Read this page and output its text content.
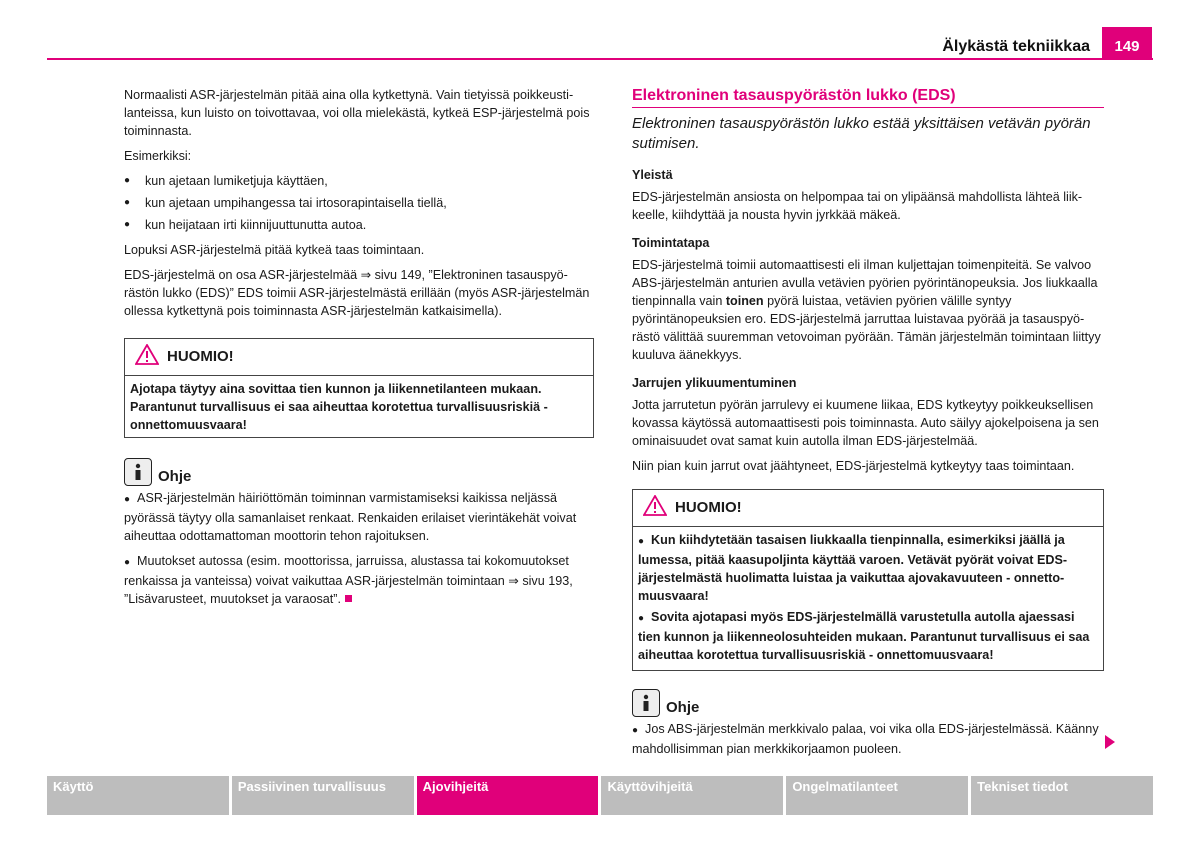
Älykästä tekniikkaa	149

Normaalisti ASR-järjestelmän pitää aina olla kytkettynä. Vain tietyissä poikkeusti-lanteissa, kun luisto on toivottavaa, voi olla mielekästä, kytkeä ESP-järjestelmä pois toiminnasta.

Esimerkiksi:

● kun ajetaan lumiketjuja käyttäen,
● kun ajetaan umpihangessa tai irtosorapintaisella tiellä,
● kun heijataan irti kiinnijuuttunutta autoa.

Lopuksi ASR-järjestelmä pitää kytkeä taas toimintaan.

EDS-järjestelmä on osa ASR-järjestelmää ⇒ sivu 149, ”Elektroninen tasauspyö-rästön lukko (EDS)” EDS toimii ASR-järjestelmästä erillään (myös ASR-järjestelmän ollessa kytkettynä pois toiminnasta ASR-järjestelmän katkaisimella).

HUOMIO!
Ajotapa täytyy aina sovittaa tien kunnon ja liikennetilanteen mukaan. Parantunut turvallisuus ei saa aiheuttaa korotettua turvallisuusriskiä - onnettomuusvaara!
Ohje

● ASR-järjestelmän häiriöttömän toiminnan varmistamiseksi kaikissa neljässä pyörässä täytyy olla samanlaiset renkaat. Renkaiden erilaiset vierintäkehät voivat aiheuttaa odottamattoman moottorin tehon rajoituksen.

● Muutokset autossa (esim. moottorissa, jarruissa, alustassa tai kokomuutokset renkaissa ja vanteissa) voivat vaikuttaa ASR-järjestelmän toimintaan ⇒ sivu 193, ”Lisävarusteet, muutokset ja varaosat”.

Elektroninen tasauspyörästön lukko (EDS)
Elektroninen tasauspyörästön lukko estää yksittäisen vetävän pyörän sutimisen.
Yleistä

EDS-järjestelmän ansiosta on helpompaa tai on ylipäänsä mahdollista lähteä liik-keelle, kiihdyttää ja nousta hyvin jyrkkää mäkeä.

Toimintatapa

EDS-järjestelmä toimii automaattisesti eli ilman kuljettajan toimenpiteitä. Se valvoo ABS-järjestelmän anturien avulla vetävien pyörien pyörintänopeuksia. Jos liukkaalla tienpinnalla vain toinen pyörä luistaa, vetävien pyörien välille syntyy pyörintänopeuksien ero. EDS-järjestelmä jarruttaa luistavaa pyörää ja tasauspyö-rästö välittää suuremman vetovoiman pyörään. Tämän järjestelmän toimintaan liittyy kuuluva äänekkyys.

Jarrujen ylikuumentuminen

Jotta jarrutetun pyörän jarrulevy ei kuumene liikaa, EDS kytkeytyy poikkeuksellisen kovassa käytössä automaattisesti pois toiminnasta. Auto säilyy ajokelpoisena ja sen ominaisuudet ovat samat kuin autolla ilman EDS-järjestelmää.

Niin pian kuin jarrut ovat jäähtyneet, EDS-järjestelmä kytkeytyy taas toimintaan.

HUOMIO!

● Kun kiihdytetään tasaisen liukkaalla tienpinnalla, esimerkiksi jäällä ja lumessa, pitää kaasupoljinta käyttää varoen. Vetävät pyörät voivat EDS-järjestelmästä huolimatta luistaa ja vaikuttaa ajovakavuuteen - onnetto-muusvaara!

● Sovita ajotapasi myös EDS-järjestelmällä varustetulla autolla ajaessasi tien kunnon ja liikenneolosuhteiden mukaan. Parantunut turvallisuus ei saa aiheuttaa korotettua turvallisuusriskiä - onnettomuusvaara!

Ohje

● Jos ABS-järjestelmän merkkivalo palaa, voi vika olla EDS-järjestelmässä. Käänny mahdollisimman pian merkkikorjaamon puoleen.

Käyttö	Passiivinen turvallisuus	Ajovihjeitä	Käyttövihjeitä	Ongelmatilanteet	Tekniset tiedot
